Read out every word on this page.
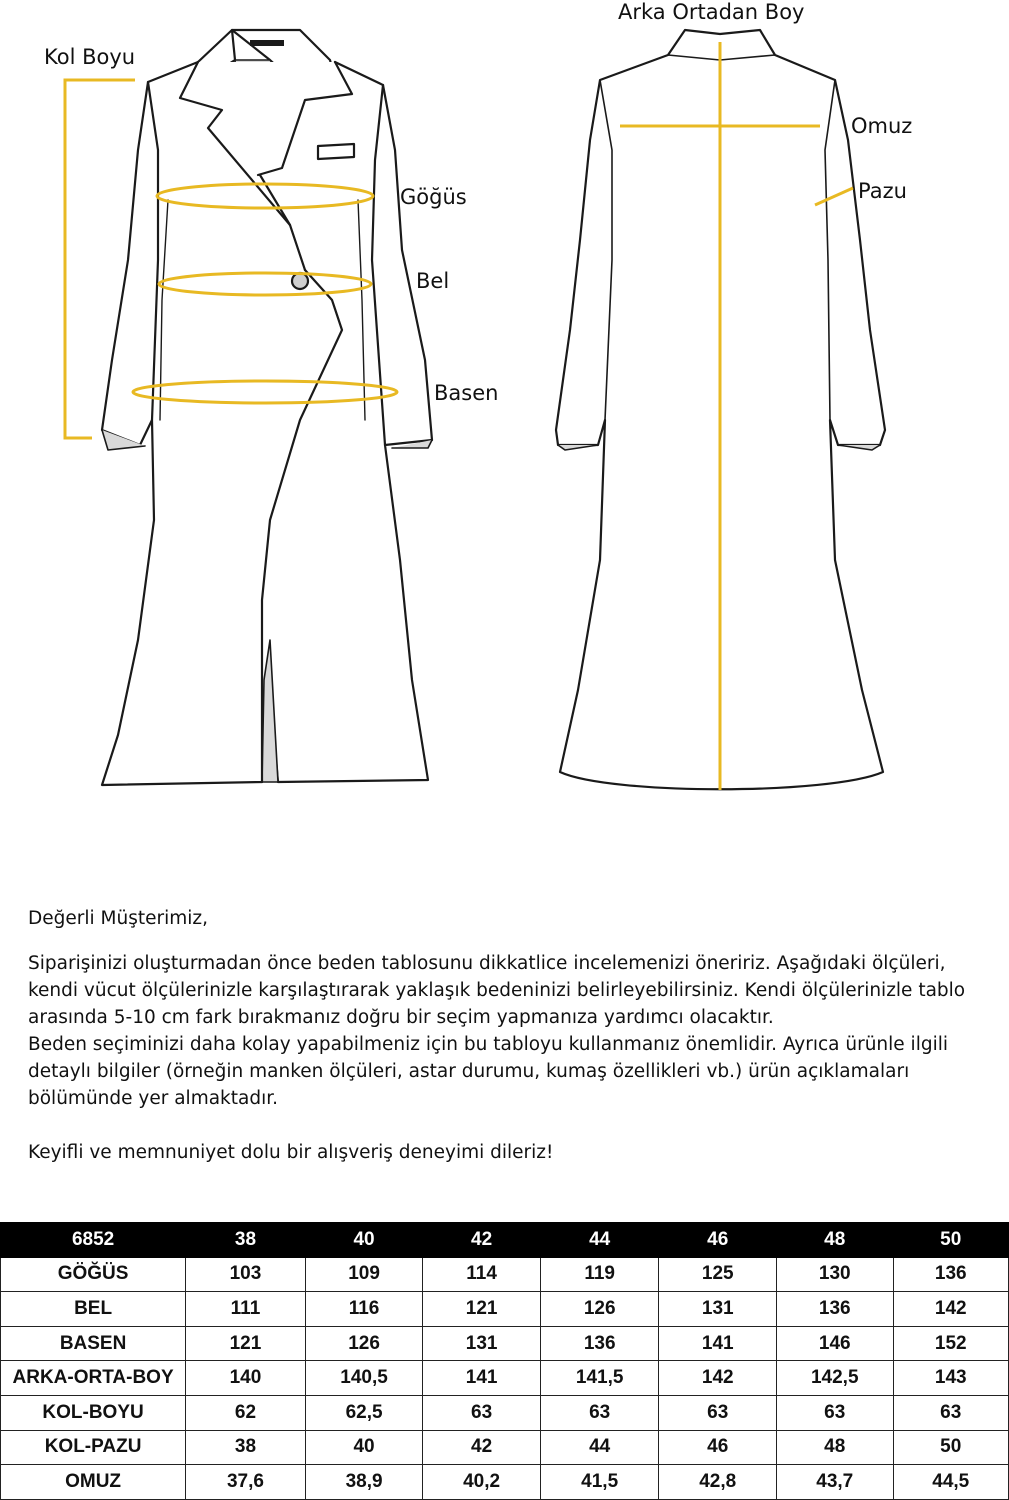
Kol Boyu
Göğüs
Bel
Basen
Arka Ortadan Boy
Omuz
Pazu

Değerli Müşterimiz,

Siparişinizi oluşturmadan önce beden tablosunu dikkatlice incelemenizi öneririz. Aşağıdaki ölçüleri, kendi vücut ölçülerinizle karşılaştırarak yaklaşık bedeninizi belirleyebilirsiniz. Kendi ölçülerinizle tablo arasında 5-10 cm fark bırakmanız doğru bir seçim yapmanıza yardımcı olacaktır.

Beden seçiminizi daha kolay yapabilmeniz için bu tabloyu kullanmanız önemlidir. Ayrıca ürünle ilgili detaylı bilgiler (örneğin manken ölçüleri, astar durumu, kumaş özellikleri vb.) ürün açıklamaları bölümünde yer almaktadır.

Keyifli ve memnuniyet dolu bir alışveriş deneyimi dileriz!

6852	38	40	42	44	46	48	50
GÖĞÜS	103	109	114	119	125	130	136
BEL	111	116	121	126	131	136	142
BASEN	121	126	131	136	141	146	152
ARKA-ORTA-BOY	140	140,5	141	141,5	142	142,5	143
KOL-BOYU	62	62,5	63	63	63	63	63
KOL-PAZU	38	40	42	44	46	48	50
OMUZ	37,6	38,9	40,2	41,5	42,8	43,7	44,5
